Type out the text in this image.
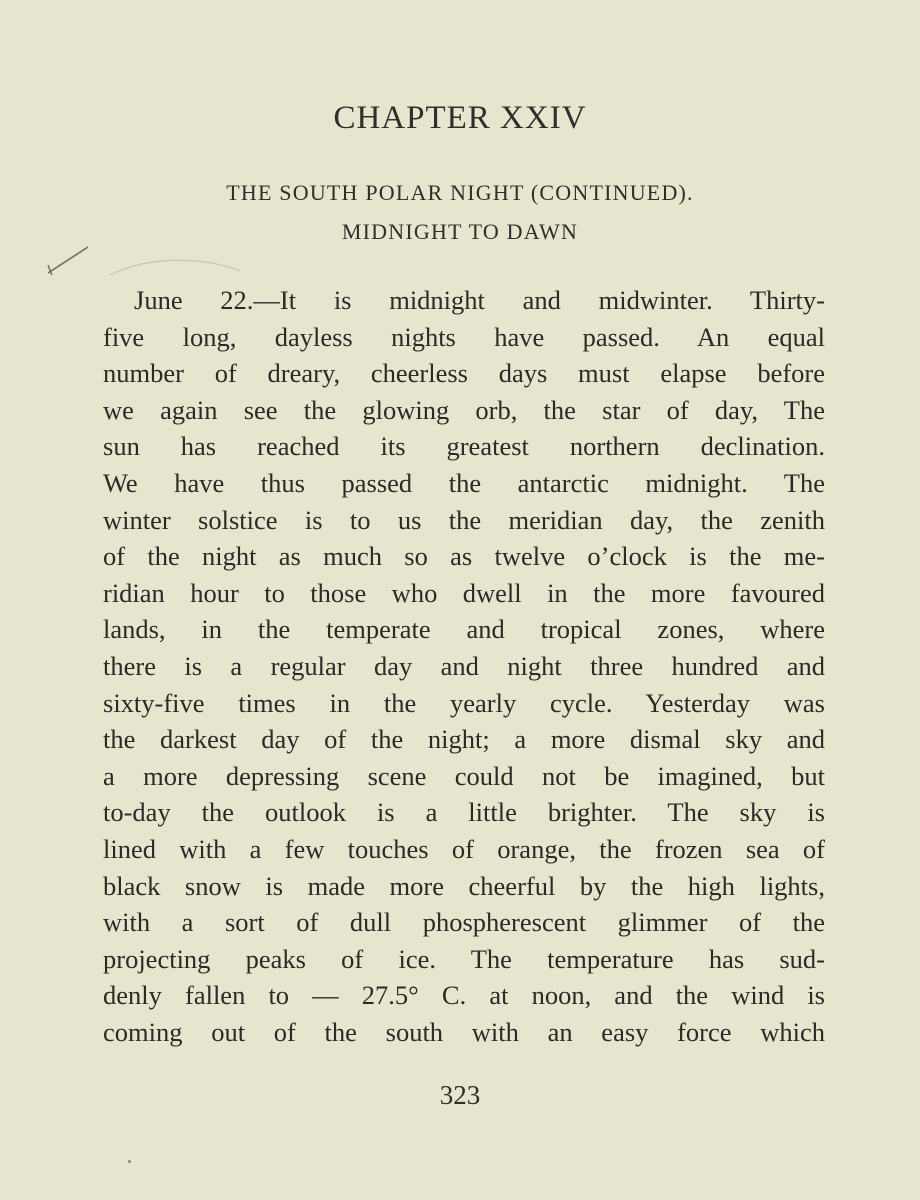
CHAPTER XXIV
THE SOUTH POLAR NIGHT (CONTINUED).
MIDNIGHT TO DAWN
June 22.—It is midnight and midwinter. Thirty-
five long, dayless nights have passed. An equal
number of dreary, cheerless days must elapse before
we again see the glowing orb, the star of day, The
sun has reached its greatest northern declination.
We have thus passed the antarctic midnight. The
winter solstice is to us the meridian day, the zenith
of the night as much so as twelve o’clock is the me-
ridian hour to those who dwell in the more favoured
lands, in the temperate and tropical zones, where
there is a regular day and night three hundred and
sixty-five times in the yearly cycle. Yesterday was
the darkest day of the night; a more dismal sky and
a more depressing scene could not be imagined, but
to-day the outlook is a little brighter. The sky is
lined with a few touches of orange, the frozen sea of
black snow is made more cheerful by the high lights,
with a sort of dull phospherescent glimmer of the
projecting peaks of ice. The temperature has sud-
denly fallen to — 27.5° C. at noon, and the wind is
coming out of the south with an easy force which
323
